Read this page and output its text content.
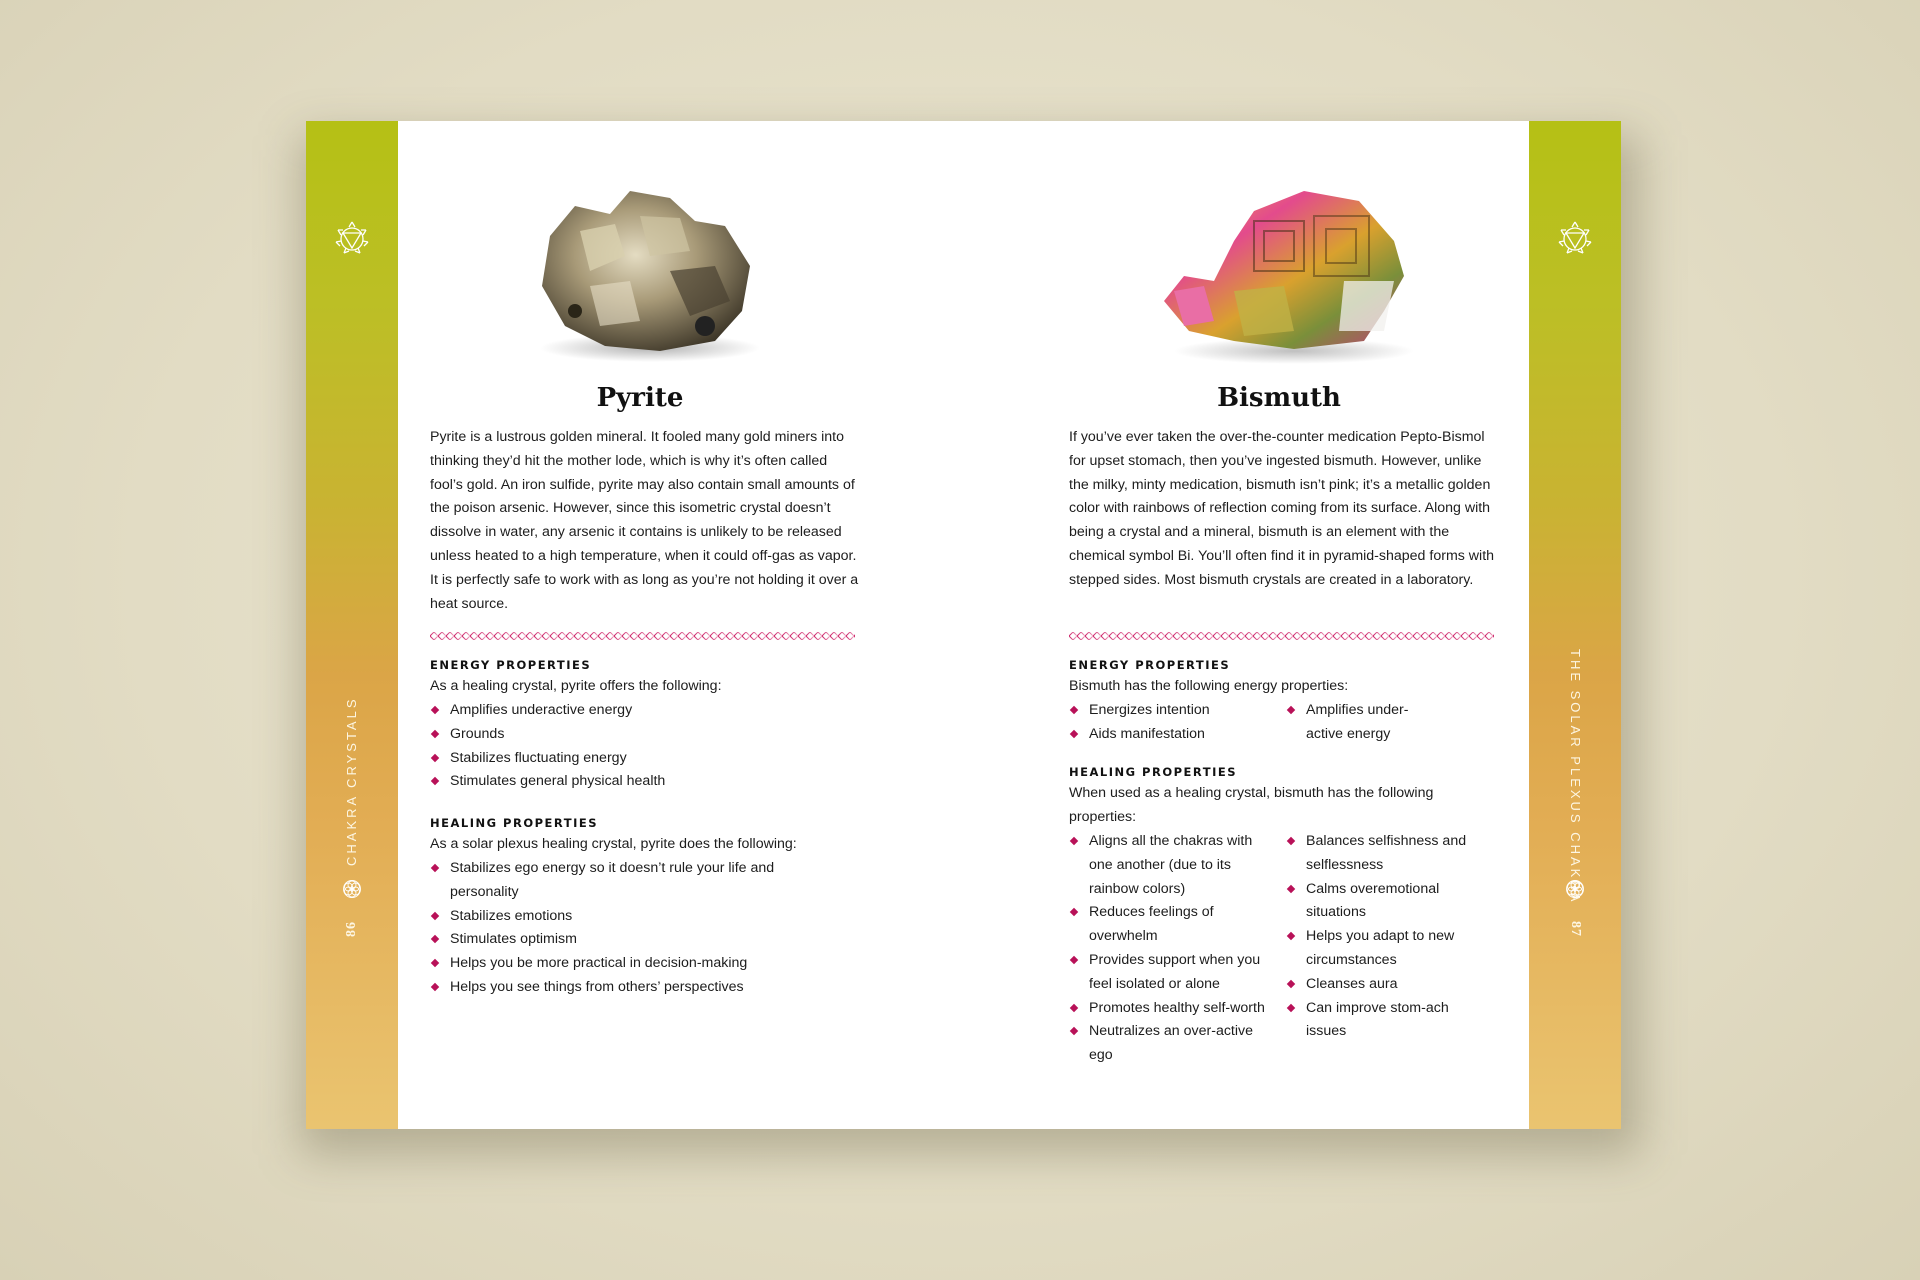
CHAKRA CRYSTALS
86
THE SOLAR PLEXUS CHAKRA
87
Pyrite
Pyrite is a lustrous golden mineral. It fooled many gold miners into thinking they’d hit the mother lode, which is why it’s often called fool’s gold. An iron sulfide, pyrite may also contain small amounts of the poison arsenic. However, since this isometric crystal doesn’t dissolve in water, any arsenic it contains is unlikely to be released unless heated to a high temperature, when it could off-gas as vapor. It is perfectly safe to work with as long as you’re not holding it over a heat source.
ENERGY PROPERTIES
As a healing crystal, pyrite offers the following:
Amplifies underactive energy
Grounds
Stabilizes fluctuating energy
Stimulates general physical health
HEALING PROPERTIES
As a solar plexus healing crystal, pyrite does the following:
Stabilizes ego energy so it doesn’t rule your life and personality
Stabilizes emotions
Stimulates optimism
Helps you be more practical in decision-making
Helps you see things from others’ perspectives
Bismuth
If you’ve ever taken the over-the-counter medication Pepto-Bismol for upset stomach, then you’ve ingested bismuth. However, unlike the milky, minty medication, bismuth isn’t pink; it’s a metallic golden color with rainbows of reflection coming from its surface. Along with being a crystal and a mineral, bismuth is an element with the chemical symbol Bi. You’ll often find it in pyramid-shaped forms with stepped sides. Most bismuth crystals are created in a laboratory.
ENERGY PROPERTIES
Bismuth has the following energy properties:
Energizes intention
Aids manifestation
Amplifies under-active energy
HEALING PROPERTIES
When used as a healing crystal, bismuth has the following properties:
Aligns all the chakras with one another (due to its rainbow colors)
Reduces feelings of overwhelm
Provides support when you feel isolated or alone
Promotes healthy self-worth
Neutralizes an over-active ego
Balances selfishness and selflessness
Calms overemotional situations
Helps you adapt to new circumstances
Cleanses aura
Can improve stom-ach issues
